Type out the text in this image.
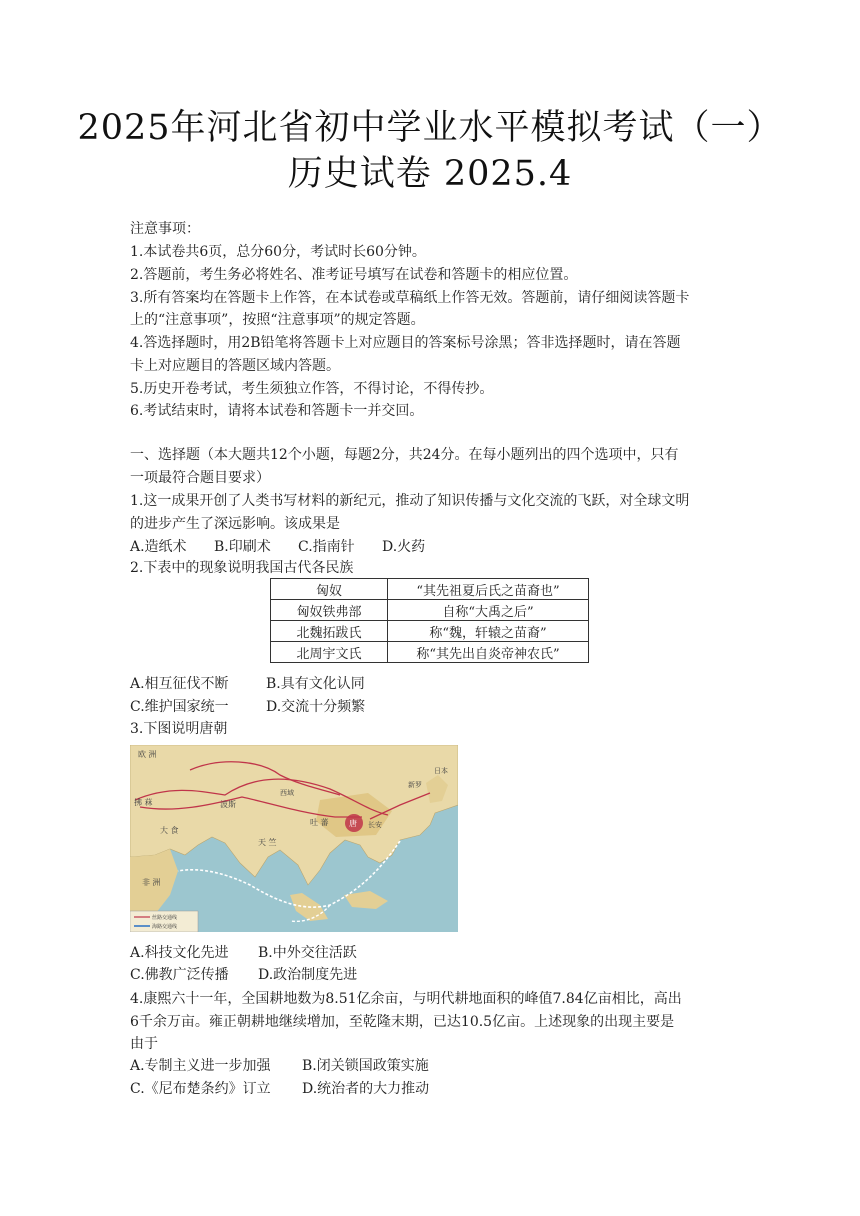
2025年河北省初中学业水平模拟考试（一）
历史试卷 2025.4
注意事项：
1.本试卷共6页，总分60分，考试时长60分钟。
2.答题前，考生务必将姓名、准考证号填写在试卷和答题卡的相应位置。
3.所有答案均在答题卡上作答，在本试卷或草稿纸上作答无效。答题前，请仔细阅读答题卡
上的“注意事项”，按照“注意事项”的规定答题。
4.答选择题时，用2B铅笔将答题卡上对应题目的答案标号涂黑；答非选择题时，请在答题
卡上对应题目的答题区域内答题。
5.历史开卷考试，考生须独立作答，不得讨论，不得传抄。
6.考试结束时，请将本试卷和答题卡一并交回。
一、选择题（本大题共12个小题，每题2分，共24分。在每小题列出的四个选项中，只有
一项最符合题目要求）
1.这一成果开创了人类书写材料的新纪元，推动了知识传播与文化交流的飞跃，对全球文明
的进步产生了深远影响。该成果是
A.造纸术 B.印刷术 C.指南针 D.火药
2.下表中的现象说明我国古代各民族
匈奴	“其先祖夏后氏之苗裔也”
匈奴铁弗部	自称“大禹之后”
北魏拓跋氏	称“魏，轩辕之苗裔”
北周宇文氏	称“其先出自炎帝神农氏”
A.相互征伐不断	B.具有文化认同
C.维护国家统一	D.交流十分频繁
3.下图说明唐朝
丝路交通线
海路交通线
欧 洲
拂 菻	波斯
大 食
西域
吐 蕃	长安
唐
天 竺
非 洲
日本
新罗
A.科技文化先进 B.中外交往活跃
C.佛教广泛传播 D.政治制度先进
4.康熙六十一年，全国耕地数为8.51亿余亩，与明代耕地面积的峰值7.84亿亩相比，高出
6千余万亩。雍正朝耕地继续增加，至乾隆末期，已达10.5亿亩。上述现象的出现主要是
由于
A.专制主义进一步加强 B.闭关锁国政策实施
C.《尼布楚条约》订立 D.统治者的大力推动
